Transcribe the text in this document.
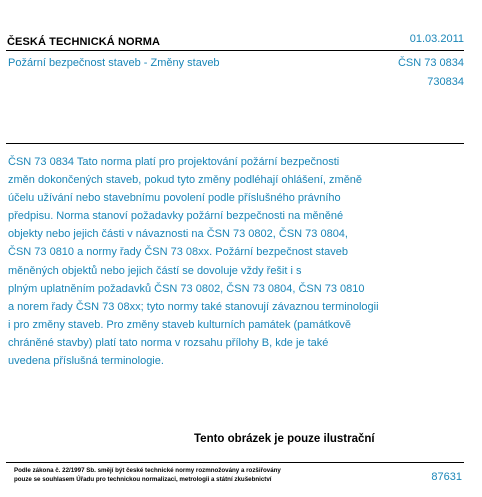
ČESKÁ TECHNICKÁ NORMA	01.03.2011
Požární bezpečnost staveb - Změny staveb	ČSN 73 0834
730834
ČSN 73 0834 Tato norma platí pro projektování požární bezpečnosti
změn dokončených staveb, pokud tyto změny podléhají ohlášení, změně
účelu užívání nebo stavebnímu povolení podle příslušného právního
předpisu. Norma stanoví požadavky požární bezpečnosti na měněné
objekty nebo jejich části v návaznosti na ČSN 73 0802, ČSN 73 0804,
ČSN 73 0810 a normy řady ČSN 73 08xx. Požární bezpečnost staveb
měněných objektů nebo jejich částí se dovoluje vždy řešit i s
plným uplatněním požadavků ČSN 73 0802, ČSN 73 0804, ČSN 73 0810
a norem řady ČSN 73 08xx; tyto normy také stanovují závaznou terminologii
i pro změny staveb. Pro změny staveb kulturních památek (památkově
chráněné stavby) platí tato norma v rozsahu přílohy B, kde je také
uvedena příslušná terminologie.
Tento obrázek je pouze ilustrační
Podle zákona č. 22/1997 Sb. smějí být české technické normy rozmnožovány a rozšiřovány
pouze se souhlasem Úřadu pro technickou normalizaci, metrologii a státní zkušebnictví	87631
